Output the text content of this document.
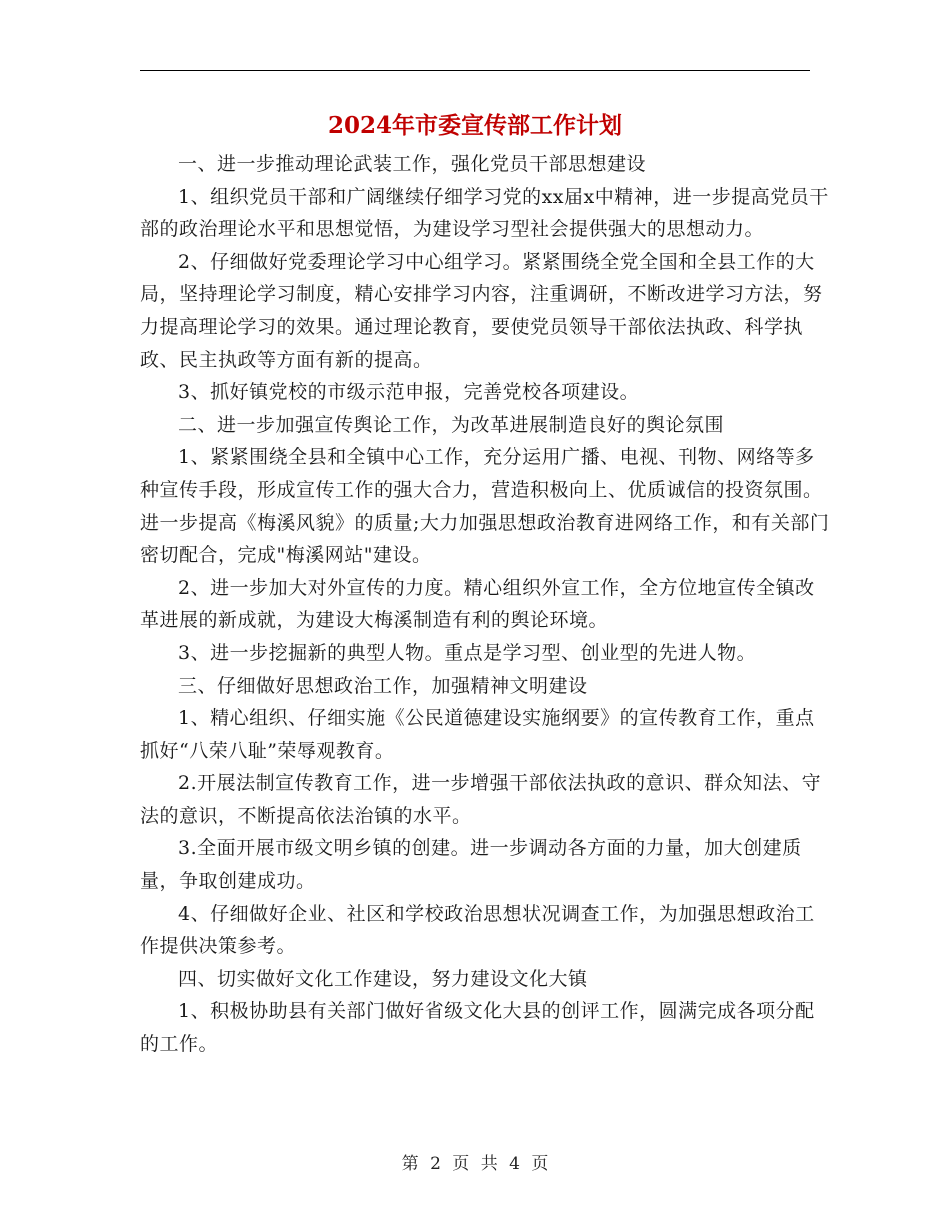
2024年市委宣传部工作计划

一、进一步推动理论武装工作，强化党员干部思想建设

1、组织党员干部和广阔继续仔细学习党的xx届x中精神，进一步提高党员干部的政治理论水平和思想觉悟，为建设学习型社会提供强大的思想动力。

2、仔细做好党委理论学习中心组学习。紧紧围绕全党全国和全县工作的大局，坚持理论学习制度，精心安排学习内容，注重调研，不断改进学习方法，努力提高理论学习的效果。通过理论教育，要使党员领导干部依法执政、科学执政、民主执政等方面有新的提高。

3、抓好镇党校的市级示范申报，完善党校各项建设。

二、进一步加强宣传舆论工作，为改革进展制造良好的舆论氛围

1、紧紧围绕全县和全镇中心工作，充分运用广播、电视、刊物、网络等多种宣传手段，形成宣传工作的强大合力，营造积极向上、优质诚信的投资氛围。进一步提高《梅溪风貌》的质量;大力加强思想政治教育进网络工作，和有关部门密切配合，完成"梅溪网站"建设。

2、进一步加大对外宣传的力度。精心组织外宣工作，全方位地宣传全镇改革进展的新成就，为建设大梅溪制造有利的舆论环境。

3、进一步挖掘新的典型人物。重点是学习型、创业型的先进人物。

三、仔细做好思想政治工作，加强精神文明建设

1、精心组织、仔细实施《公民道德建设实施纲要》的宣传教育工作，重点抓好“八荣八耻”荣辱观教育。

2.开展法制宣传教育工作，进一步增强干部依法执政的意识、群众知法、守法的意识，不断提高依法治镇的水平。

3.全面开展市级文明乡镇的创建。进一步调动各方面的力量，加大创建质量，争取创建成功。

4、仔细做好企业、社区和学校政治思想状况调查工作，为加强思想政治工作提供决策参考。

四、切实做好文化工作建设，努力建设文化大镇

1、积极协助县有关部门做好省级文化大县的创评工作，圆满完成各项分配的工作。

第 2 页 共 4 页
